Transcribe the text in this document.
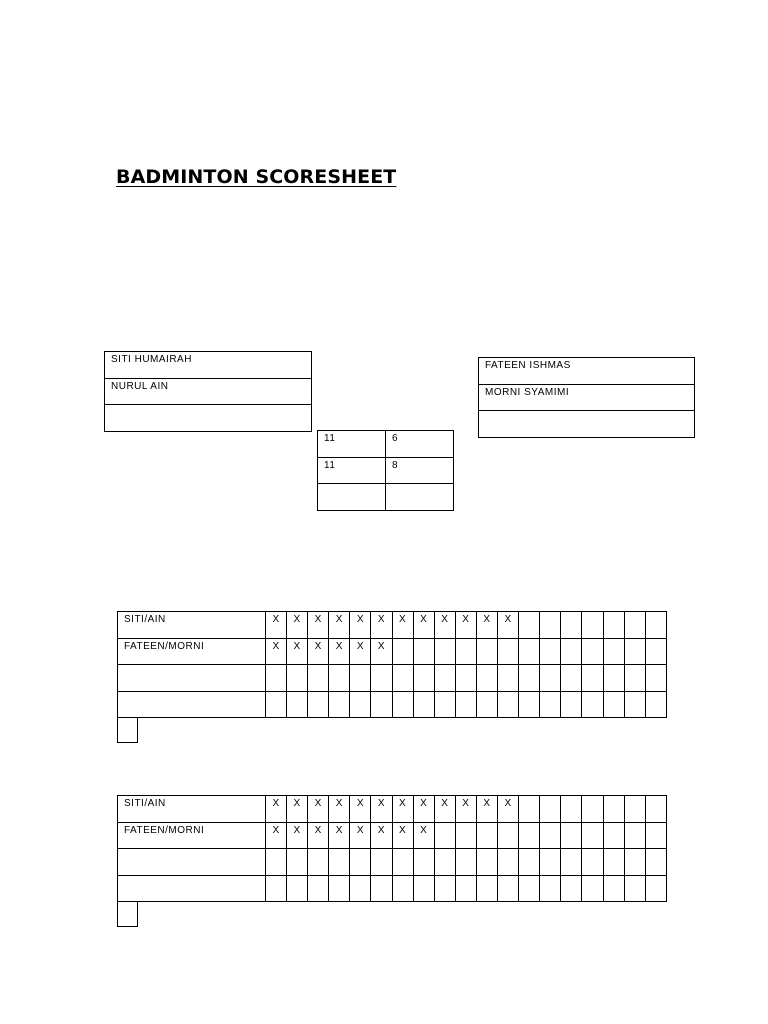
BADMINTON SCORESHEET
SITI HUMAIRAH
NURUL AIN

FATEEN ISHMAS
MORNI SYAMIMI

11	6
11	8

SITI/AIN	X	X	X	X	X	X	X	X	X	X	X	X							
FATEEN/MORNI	X	X	X	X	X	X													

SITI/AIN	X	X	X	X	X	X	X	X	X	X	X	X							
FATEEN/MORNI	X	X	X	X	X	X	X	X											
